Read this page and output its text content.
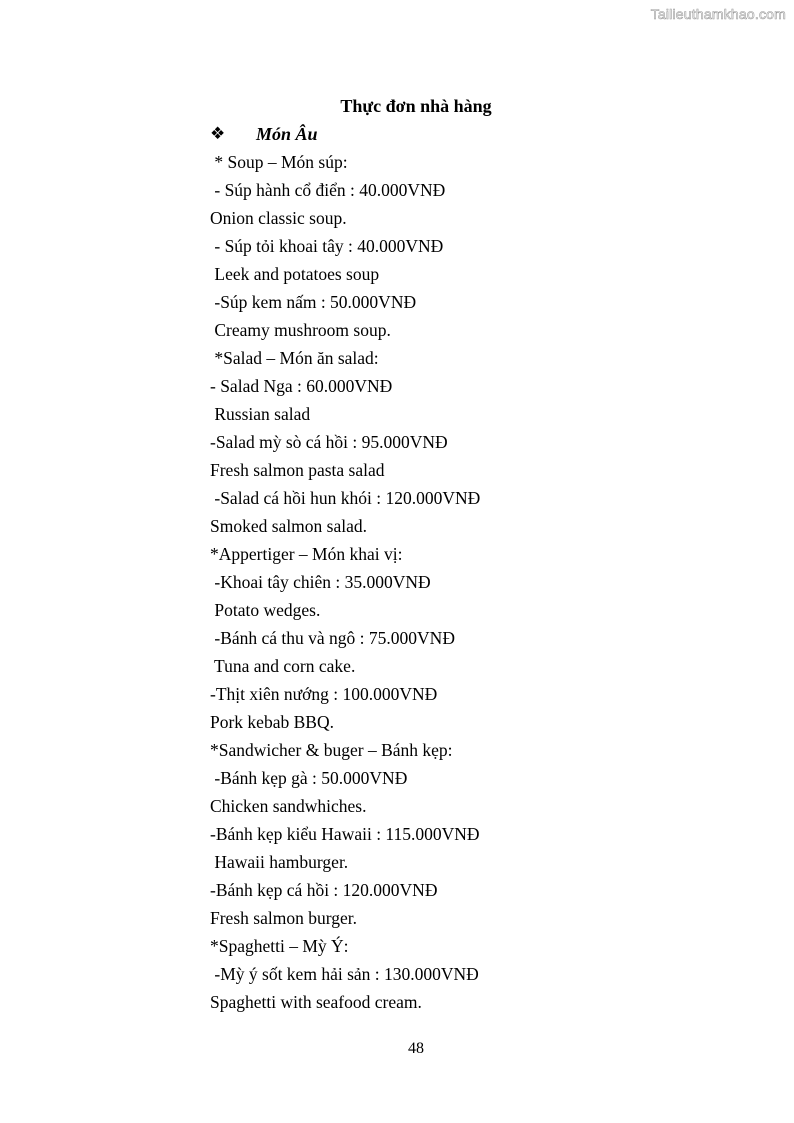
Tailieuthamkhao.com
Thực đơn nhà hàng
❖	Món Âu
* Soup – Món súp:
- Súp hành cổ điển : 40.000VNĐ
Onion classic soup.
- Súp tỏi khoai tây : 40.000VNĐ
Leek and potatoes soup
-Súp kem nấm : 50.000VNĐ
Creamy mushroom soup.
*Salad – Món ăn salad:
- Salad Nga : 60.000VNĐ
Russian salad
-Salad mỳ sò cá hồi : 95.000VNĐ
Fresh salmon pasta salad
-Salad cá hồi hun khói : 120.000VNĐ
Smoked salmon salad.
*Appertiger – Món khai vị:
-Khoai tây chiên : 35.000VNĐ
Potato wedges.
-Bánh cá thu và ngô : 75.000VNĐ
Tuna and corn cake.
-Thịt xiên nướng : 100.000VNĐ
Pork kebab BBQ.
*Sandwicher & buger – Bánh kẹp:
-Bánh kẹp gà : 50.000VNĐ
Chicken sandwhiches.
-Bánh kẹp kiểu Hawaii : 115.000VNĐ
Hawaii hamburger.
-Bánh kẹp cá hồi : 120.000VNĐ
Fresh salmon burger.
*Spaghetti – Mỳ Ý:
-Mỳ ý sốt kem hải sản : 130.000VNĐ
Spaghetti with seafood cream.
48
